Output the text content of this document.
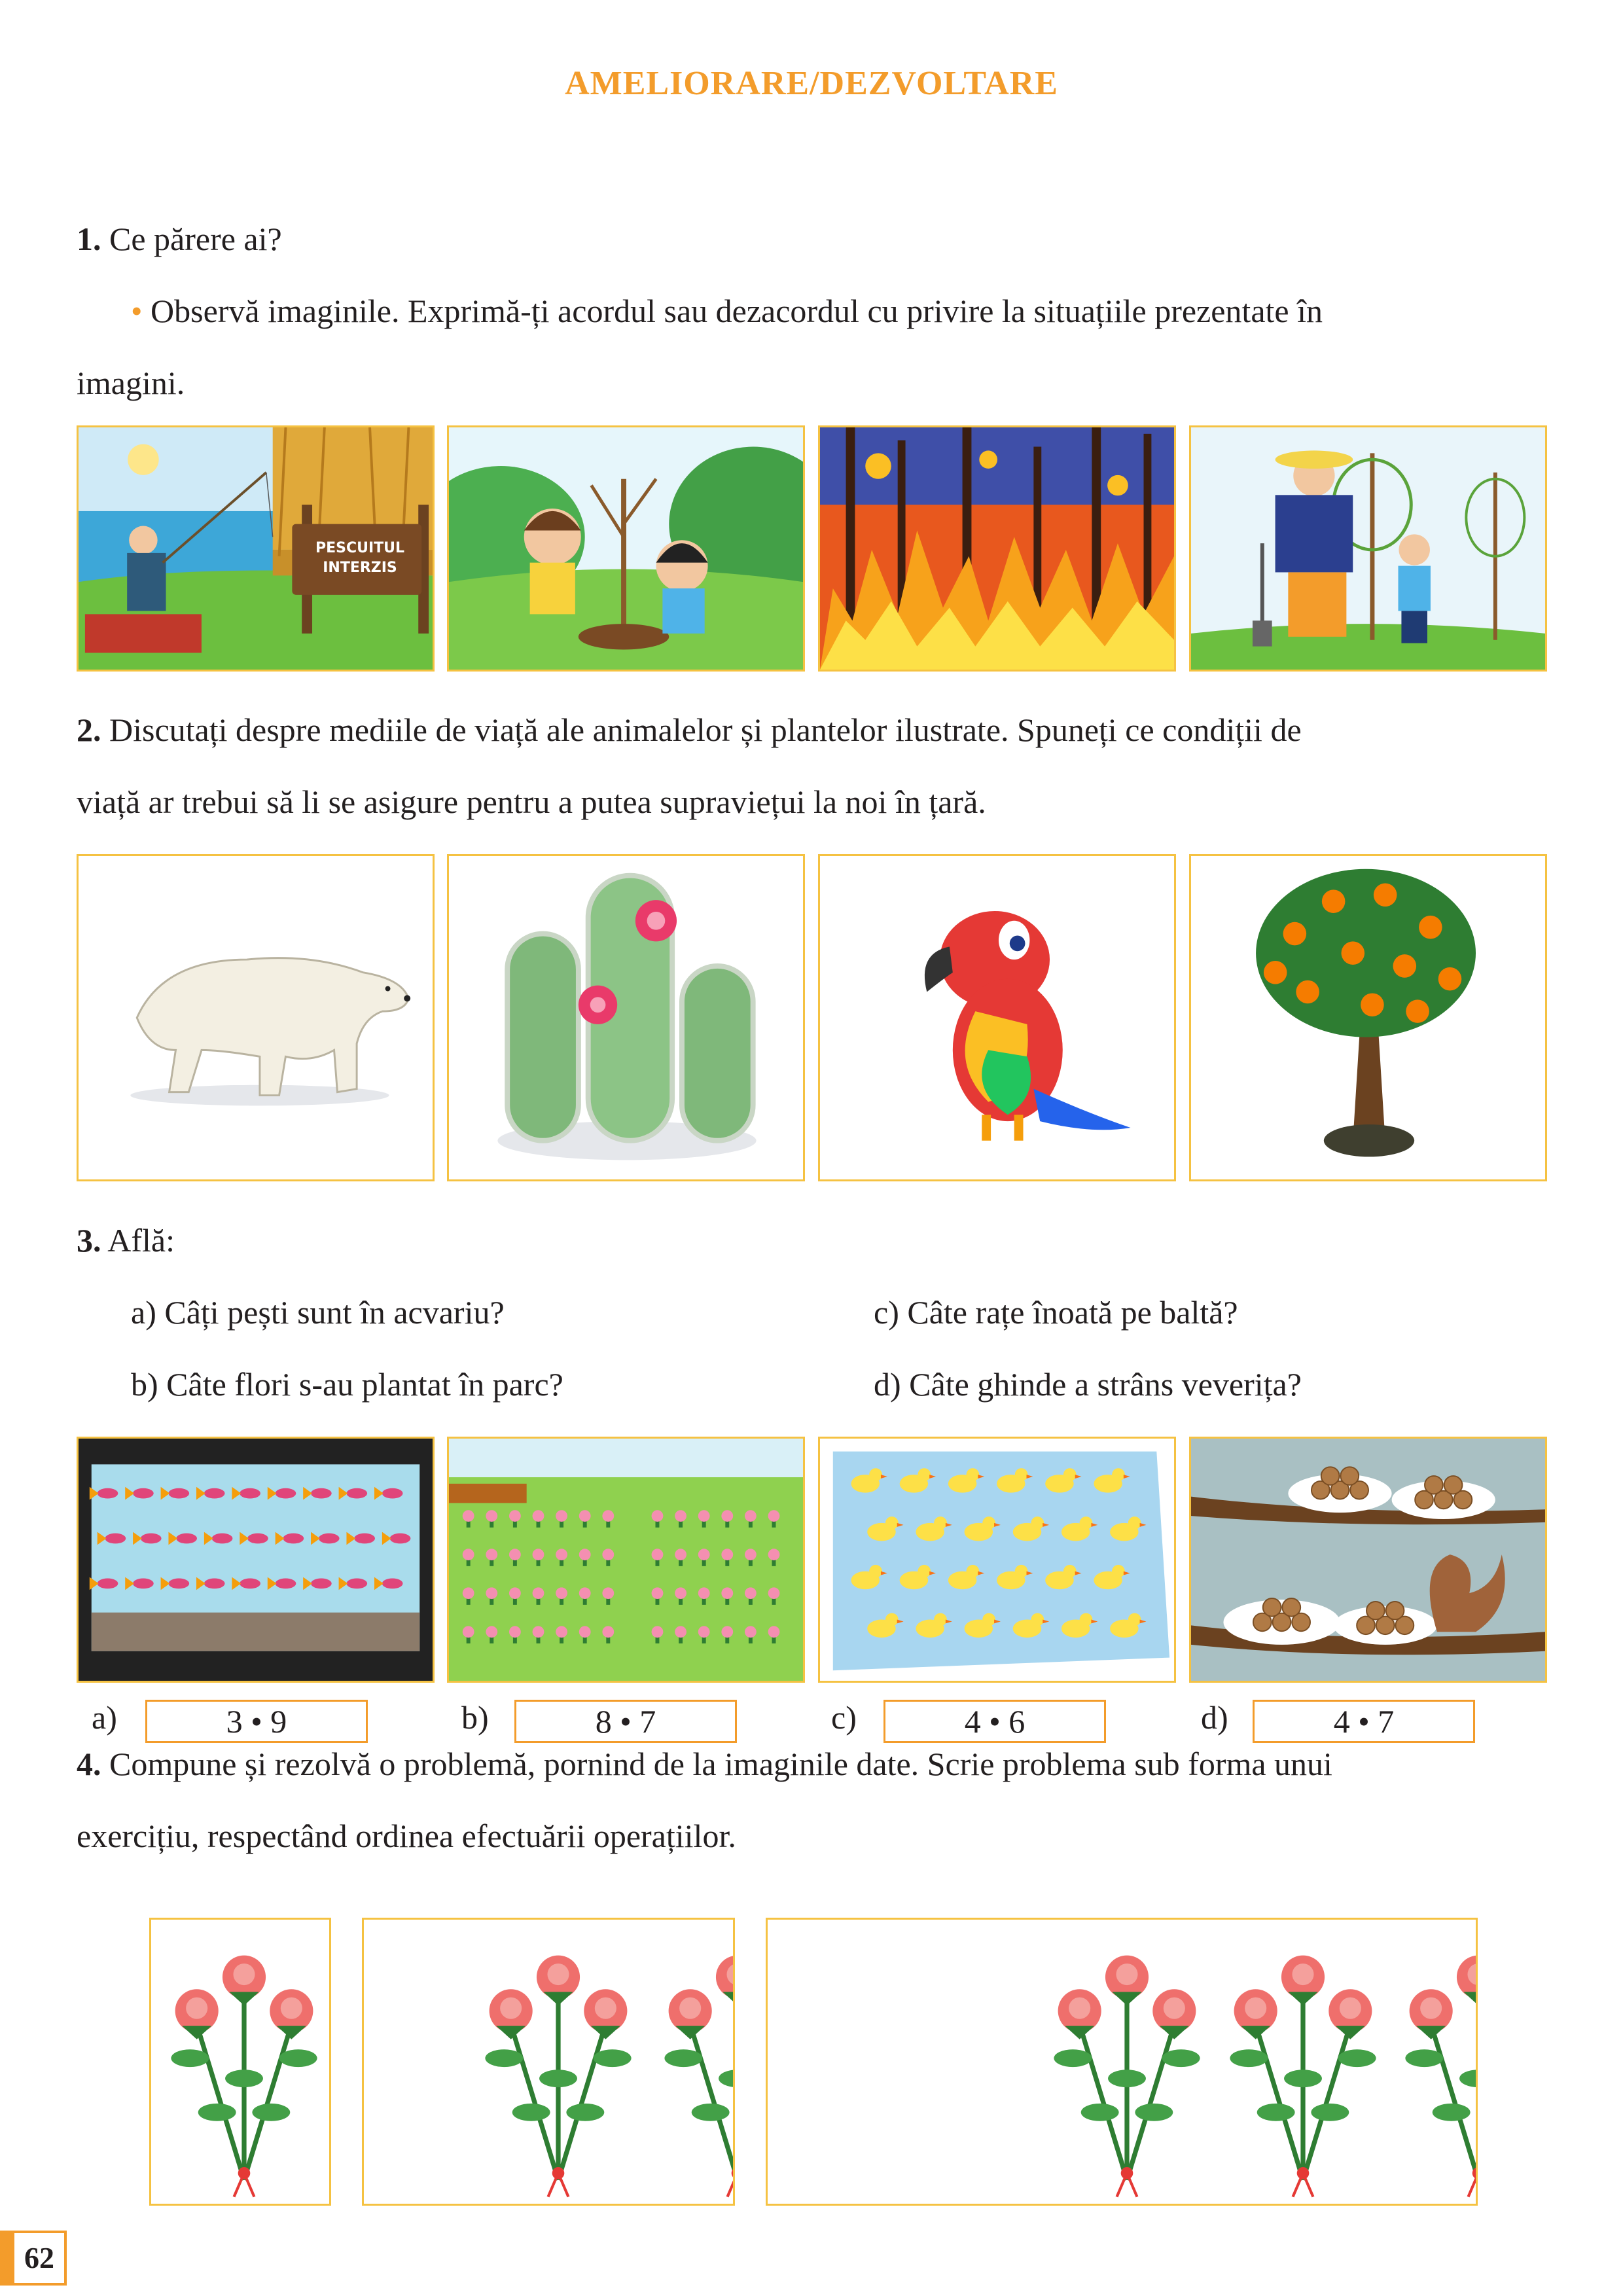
AMELIORARE/DEZVOLTARE
1. Ce părere ai?
• Observă imaginile. Exprimă-ți acordul sau dezacordul cu privire la situațiile prezentate în
imagini.
PESCUITUL
INTERZIS
2. Discutați despre mediile de viață ale animalelor și plantelor ilustrate. Spuneți ce condiții de
viață ar trebui să li se asigure pentru a putea supraviețui la noi în țară.
3. Află:
a) Câți pești sunt în acvariu?	c) Câte rațe înoată pe baltă?
b) Câte flori s-au plantat în parc?	d) Câte ghinde a strâns veverița?
a)	3 • 9	b)	8 • 7	c)	4 • 6	d)	4 • 7
4. Compune și rezolvă o problemă, pornind de la imaginile date. Scrie problema sub forma unui
exercițiu, respectând ordinea efectuării operațiilor.
62
